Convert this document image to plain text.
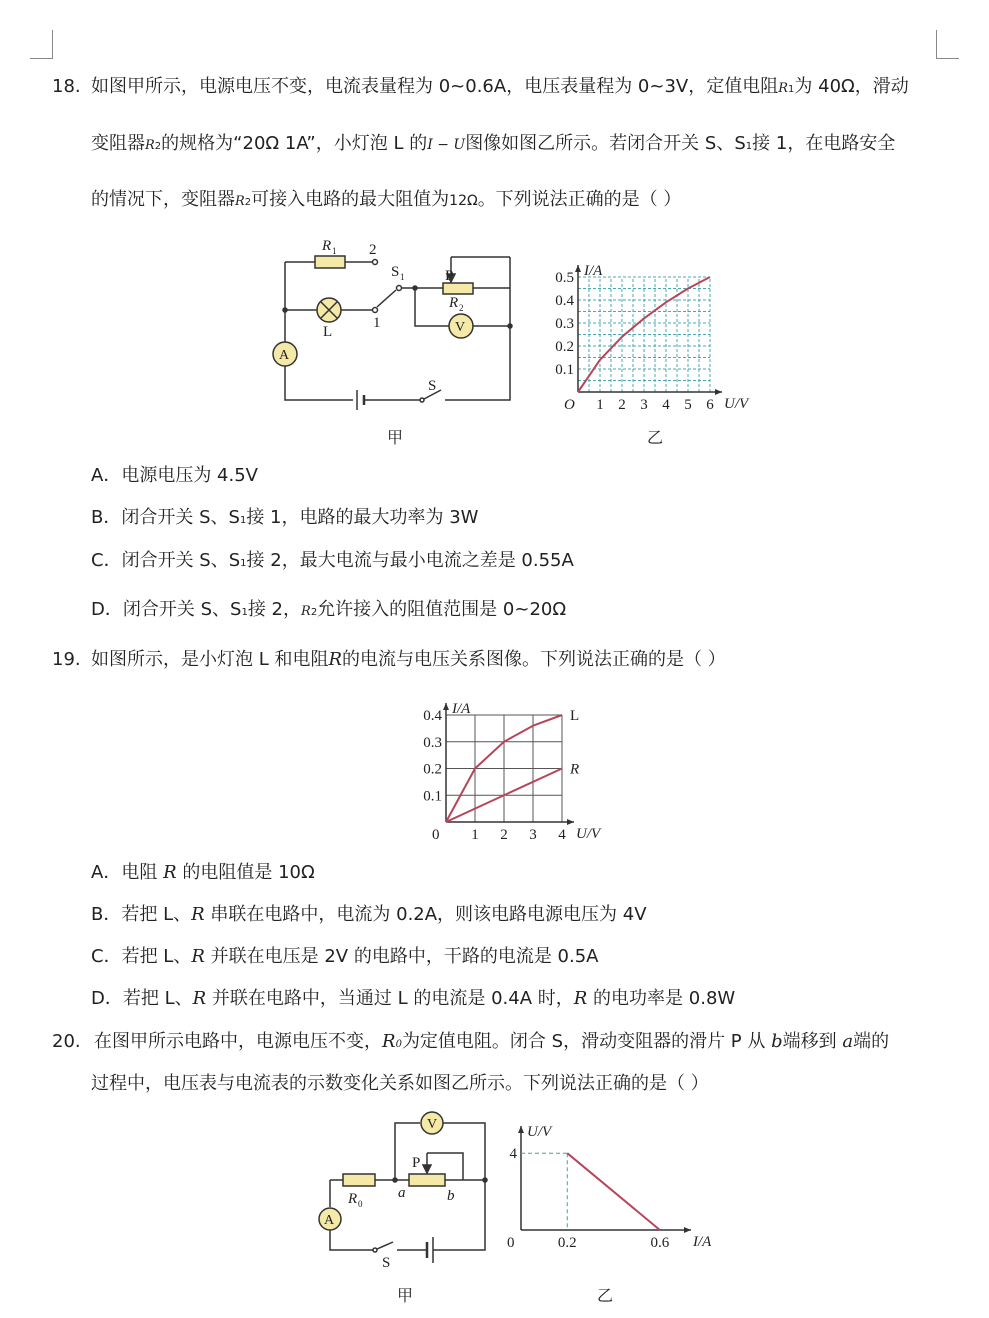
18. 如图甲所示，电源电压不变，电流表量程为 0~0.6A，电压表量程为 0~3V，定值电阻R1为 40Ω，滑动
变阻器R2的规格为“20Ω 1A”，小灯泡 L 的I − U图像如图乙所示。若闭合开关 S、S1接 1，在电路安全
的情况下，变阻器R2可接入电路的最大阻值为12Ω。下列说法正确的是（ ）
R 1 2
S 1	P
R 2
L
1	V
A
S
甲
U/V
I/A
O 1 2 3 4 5 6
0.1
0.2
0.3
0.4
0.5
乙
A．电源电压为 4.5V
B．闭合开关 S、S1接 1，电路的最大功率为 3W
C．闭合开关 S、S1接 2，最大电流与最小电流之差是 0.55A
D．闭合开关 S、S1接 2，R2允许接入的阻值范围是 0~20Ω
19. 如图所示，是小灯泡 L 和电阻R的电流与电压关系图像。下列说法正确的是（ ）
U/V
I/A
0 1 2 3 4
0.1
0.2
0.3
0.4	L
R
A．电阻 R 的电阻值是 10Ω
B．若把 L、R 串联在电路中，电流为 0.2A，则该电路电源电压为 4V
C．若把 L、R 并联在电压是 2V 的电路中，干路的电流是 0.5A
D．若把 L、R 并联在电路中，当通过 L 的电流是 0.4A 时，R 的电功率是 0.8W
20. 在图甲所示电路中，电源电压不变，R0为定值电阻。闭合 S，滑动变阻器的滑片 P 从 b端移到 a端的
过程中，电压表与电流表的示数变化关系如图乙所示。下列说法正确的是（ ）
V
P
R 0
a	b
A
S
甲
I/A
U/V
0	0.2	0.6
4
乙
